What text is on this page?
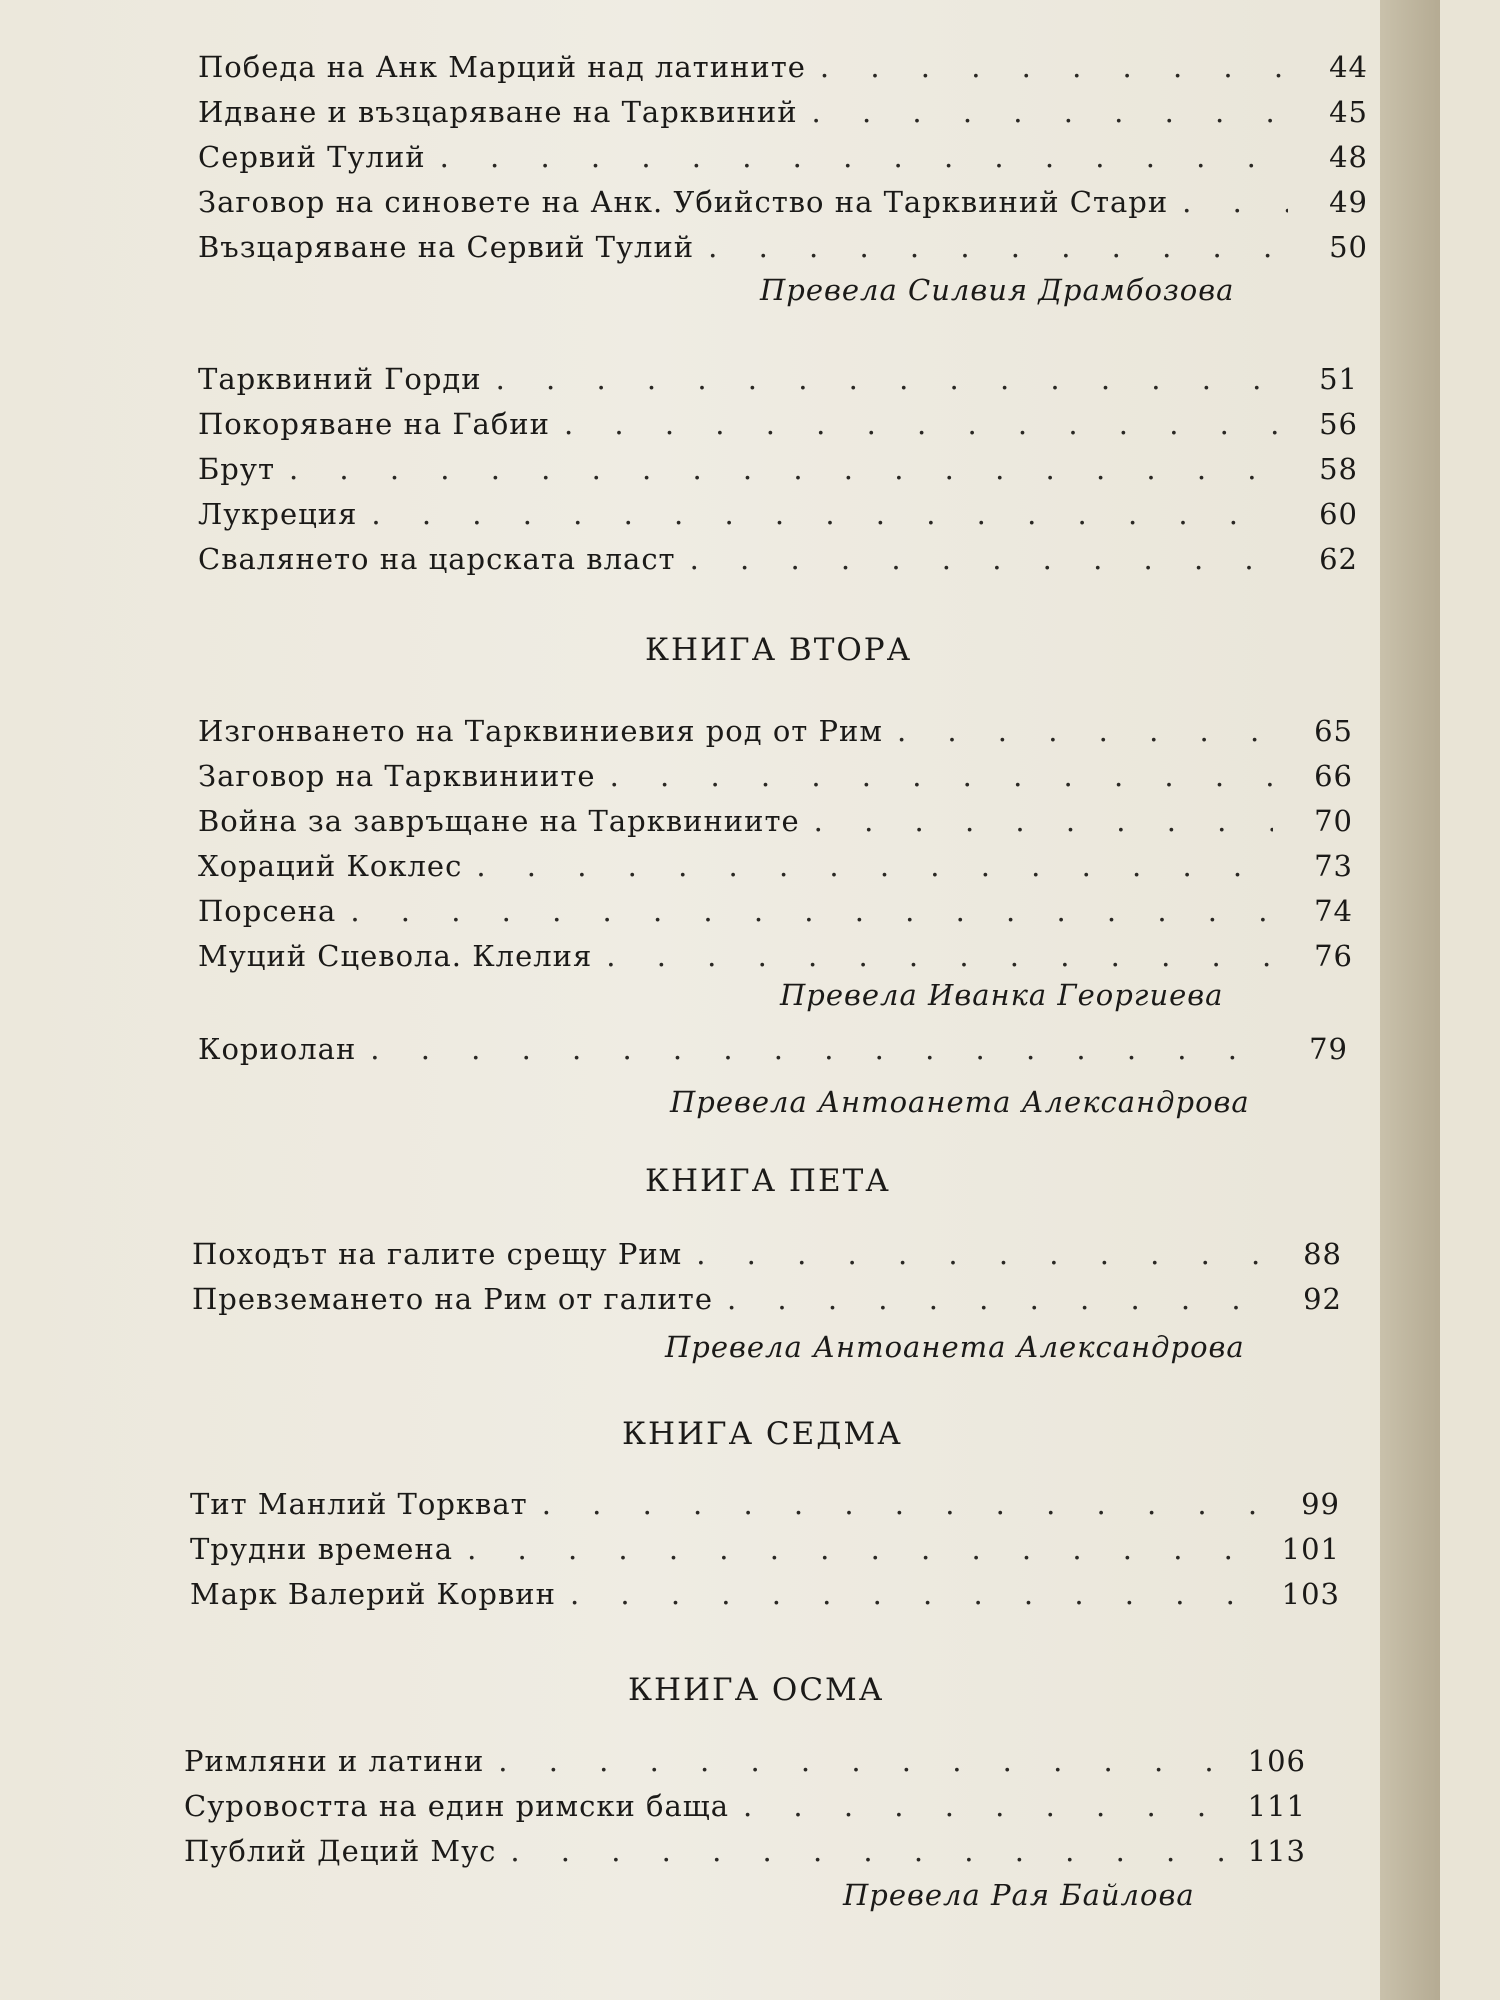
Победа на Анк Марций над латините . . .	44
Идване и възцаряване на Тарквиний . . .	45
Сервий Тулий . . .	48
Заговор на синовете на Анк. Убийство на Тарквиний Стари . . .	49
Възцаряване на Сервий Тулий . . .	50
Превела Силвия Драмбозова
Тарквиний Горди . . .	51
Покоряване на Габии . . .	56
Брут . . .	58
Лукреция . . .	60
Свалянето на царската власт . . .	62
КНИГА ВТОРА
Изгонването на Тарквиниевия род от Рим . . .	65
Заговор на Тарквиниите . . .	66
Война за завръщане на Тарквиниите . . .	70
Хораций Коклес . . .	73
Порсена . . .	74
Муций Сцевола. Клелия . . .	76
Превела Иванка Георгиева
Кориолан . . .	79
Превела Антоанета Александрова
КНИГА ПЕТА
Походът на галите срещу Рим . . .	88
Превземането на Рим от галите . . .	92
Превела Антоанета Александрова
КНИГА СЕДМА
Тит Манлий Торкват . . .	99
Трудни времена . . .	101
Марк Валерий Корвин . . .	103
КНИГА ОСМА
Римляни и латини . . .	106
Суровостта на един римски баща . . .	111
Публий Деций Мус . . .	113
Превела Рая Байлова
